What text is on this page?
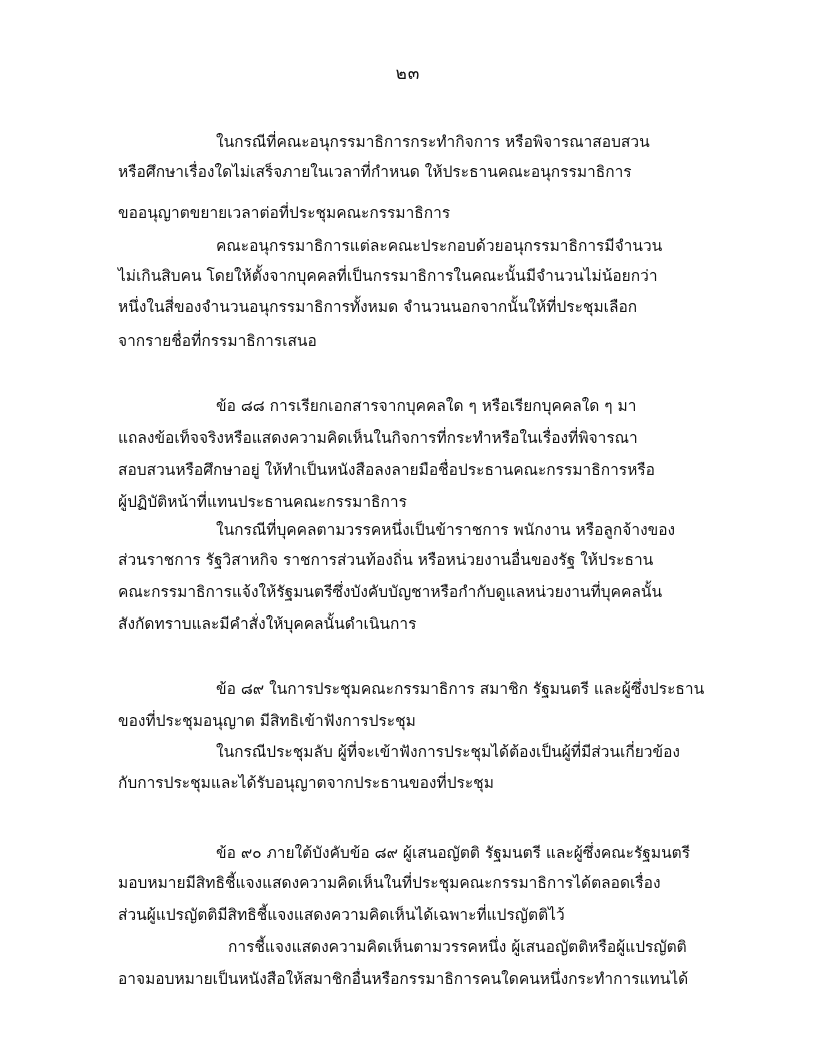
๒๓
ในกรณีที่คณะอนุกรรมาธิการกระทำกิจการ หรือพิจารณาสอบสวน
หรือศึกษาเรื่องใดไม่เสร็จภายในเวลาที่กำหนด ให้ประธานคณะอนุกรรมาธิการ
ขออนุญาตขยายเวลาต่อที่ประชุมคณะกรรมาธิการ
คณะอนุกรรมาธิการแต่ละคณะประกอบด้วยอนุกรรมาธิการมีจำนวน
ไม่เกินสิบคน โดยให้ตั้งจากบุคคลที่เป็นกรรมาธิการในคณะนั้นมีจำนวนไม่น้อยกว่า
หนึ่งในสี่ของจำนวนอนุกรรมาธิการทั้งหมด จำนวนนอกจากนั้นให้ที่ประชุมเลือก
จากรายชื่อที่กรรมาธิการเสนอ
ข้อ ๘๘ การเรียกเอกสารจากบุคคลใด ๆ หรือเรียกบุคคลใด ๆ มา
แถลงข้อเท็จจริงหรือแสดงความคิดเห็นในกิจการที่กระทำหรือในเรื่องที่พิจารณา
สอบสวนหรือศึกษาอยู่ ให้ทำเป็นหนังสือลงลายมือชื่อประธานคณะกรรมาธิการหรือ
ผู้ปฏิบัติหน้าที่แทนประธานคณะกรรมาธิการ
ในกรณีที่บุคคลตามวรรคหนึ่งเป็นข้าราชการ พนักงาน หรือลูกจ้างของ
ส่วนราชการ รัฐวิสาหกิจ ราชการส่วนท้องถิ่น หรือหน่วยงานอื่นของรัฐ ให้ประธาน
คณะกรรมาธิการแจ้งให้รัฐมนตรีซึ่งบังคับบัญชาหรือกำกับดูแลหน่วยงานที่บุคคลนั้น
สังกัดทราบและมีคำสั่งให้บุคคลนั้นดำเนินการ
ข้อ ๘๙ ในการประชุมคณะกรรมาธิการ สมาชิก รัฐมนตรี และผู้ซึ่งประธาน
ของที่ประชุมอนุญาต มีสิทธิเข้าฟังการประชุม
ในกรณีประชุมลับ ผู้ที่จะเข้าฟังการประชุมได้ต้องเป็นผู้ที่มีส่วนเกี่ยวข้อง
กับการประชุมและได้รับอนุญาตจากประธานของที่ประชุม
ข้อ ๙๐ ภายใต้บังคับข้อ ๘๙ ผู้เสนอญัตติ รัฐมนตรี และผู้ซึ่งคณะรัฐมนตรี
มอบหมายมีสิทธิชี้แจงแสดงความคิดเห็นในที่ประชุมคณะกรรมาธิการได้ตลอดเรื่อง
ส่วนผู้แปรญัตติมีสิทธิชี้แจงแสดงความคิดเห็นได้เฉพาะที่แปรญัตติไว้
การชี้แจงแสดงความคิดเห็นตามวรรคหนึ่ง ผู้เสนอญัตติหรือผู้แปรญัตติ
อาจมอบหมายเป็นหนังสือให้สมาชิกอื่นหรือกรรมาธิการคนใดคนหนึ่งกระทำการแทนได้
